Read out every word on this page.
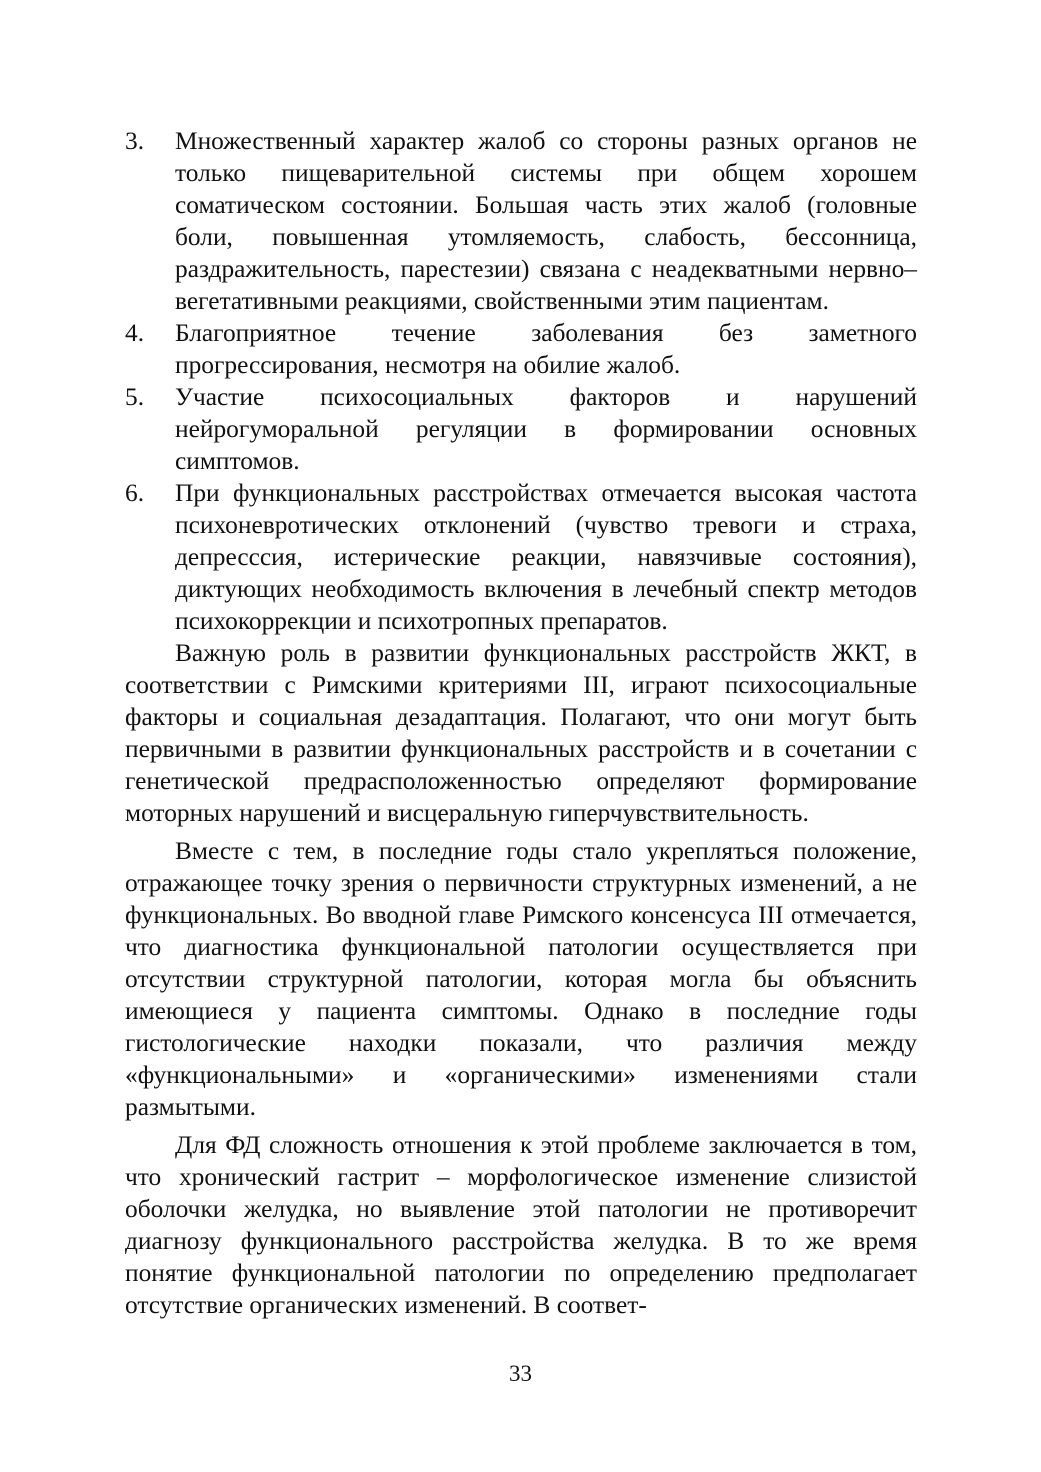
3. Множественный характер жалоб со стороны разных органов не только пищеварительной системы при общем хорошем соматическом состоянии. Большая часть этих жалоб (головные боли, повышенная утомляемость, слабость, бессонница, раздражительность, парестезии) связана с неадекватными нервно–вегетативными реакциями, свойственными этим пациентам.
4. Благоприятное течение заболевания без заметного прогрессирования, несмотря на обилие жалоб.
5. Участие психосоциальных факторов и нарушений нейрогуморальной регуляции в формировании основных симптомов.
6. При функциональных расстройствах отмечается высокая частота психоневротических отклонений (чувство тревоги и страха, депресссия, истерические реакции, навязчивые состояния), диктующих необходимость включения в лечебный спектр методов психокоррекции и психотропных препаратов.

Важную роль в развитии функциональных расстройств ЖКТ, в соответствии с Римскими критериями III, играют психосоциальные факторы и социальная дезадаптация. Полагают, что они могут быть первичными в развитии функциональных расстройств и в сочетании с генетической предрасположенностью определяют формирование моторных нарушений и висцеральную гиперчувствительность.

Вместе с тем, в последние годы стало укрепляться положение, отражающее точку зрения о первичности структурных изменений, а не функциональных. Во вводной главе Римского консенсуса III отмечается, что диагностика функциональной патологии осуществляется при отсутствии структурной патологии, которая могла бы объяснить имеющиеся у пациента симптомы. Однако в последние годы гистологические находки показали, что различия между «функциональными» и «органическими» изменениями стали размытыми.

Для ФД сложность отношения к этой проблеме заключается в том, что хронический гастрит – морфологическое изменение слизистой оболочки желудка, но выявление этой патологии не противоречит диагнозу функционального расстройства желудка. В то же время понятие функциональной патологии по определению предполагает отсутствие органических изменений. В соответ-

33
